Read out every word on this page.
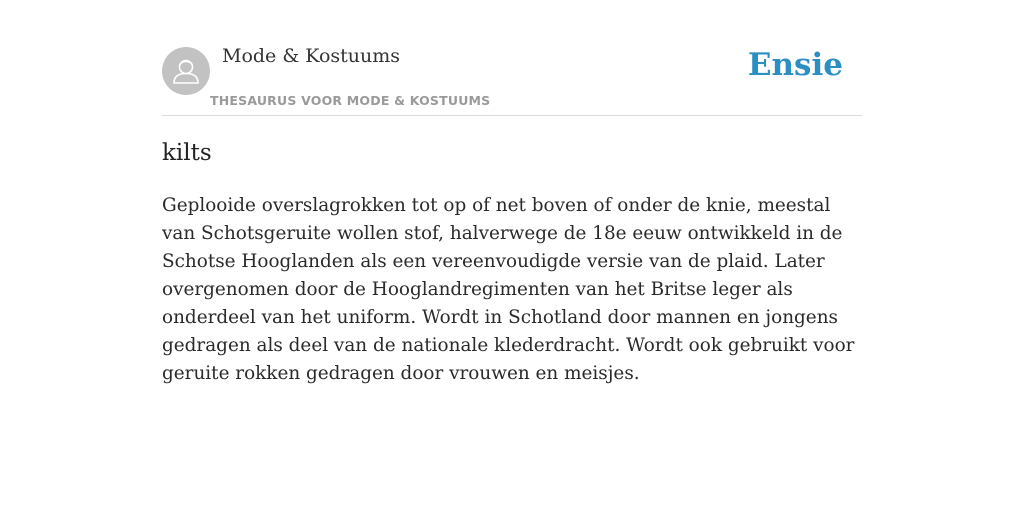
Mode & Kostuums
THESAURUS VOOR MODE & KOSTUUMS
Ensie
kilts

Geplooide overslagrokken tot op of net boven of onder de knie, meestal van Schotsgeruite wollen stof, halverwege de 18e eeuw ontwikkeld in de Schotse Hooglanden als een vereenvoudigde versie van de plaid. Later overgenomen door de Hooglandregimenten van het Britse leger als onderdeel van het uniform. Wordt in Schotland door mannen en jongens gedragen als deel van de nationale klederdracht. Wordt ook gebruikt voor geruite rokken gedragen door vrouwen en meisjes.
